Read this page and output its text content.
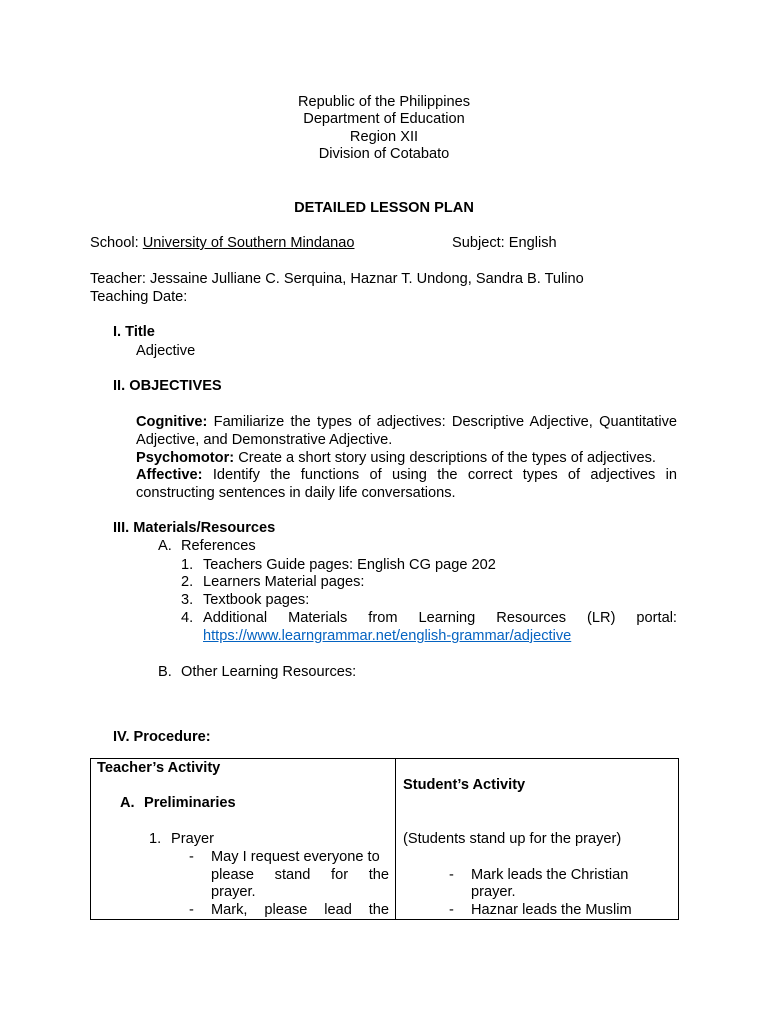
Republic of the Philippines
Department of Education
Region XII
Division of Cotabato
DETAILED LESSON PLAN
School: University of Southern Mindanao	Subject: English
Teacher: Jessaine Julliane C. Serquina, Haznar T. Undong, Sandra B. Tulino
Teaching Date:
I. Title
Adjective
II. OBJECTIVES
Cognitive: Familiarize the types of adjectives: Descriptive Adjective, Quantitative
Adjective, and Demonstrative Adjective.
Psychomotor: Create a short story using descriptions of the types of adjectives.
Affective: Identify the functions of using the correct types of adjectives in
constructing sentences in daily life conversations.
III. Materials/Resources
A. References
1. Teachers Guide pages: English CG page 202
2. Learners Material pages:
3. Textbook pages:
4. Additional Materials from Learning Resources (LR) portal:
https://www.learngrammar.net/english-grammar/adjective
B. Other Learning Resources:
IV. Procedure:
Teacher’s Activity
A. Preliminaries
1. Prayer
- May I request everyone to
please stand for the
prayer.
- Mark, please lead the
Student’s Activity
(Students stand up for the prayer)
- Mark leads the Christian
prayer.
- Haznar leads the Muslim
